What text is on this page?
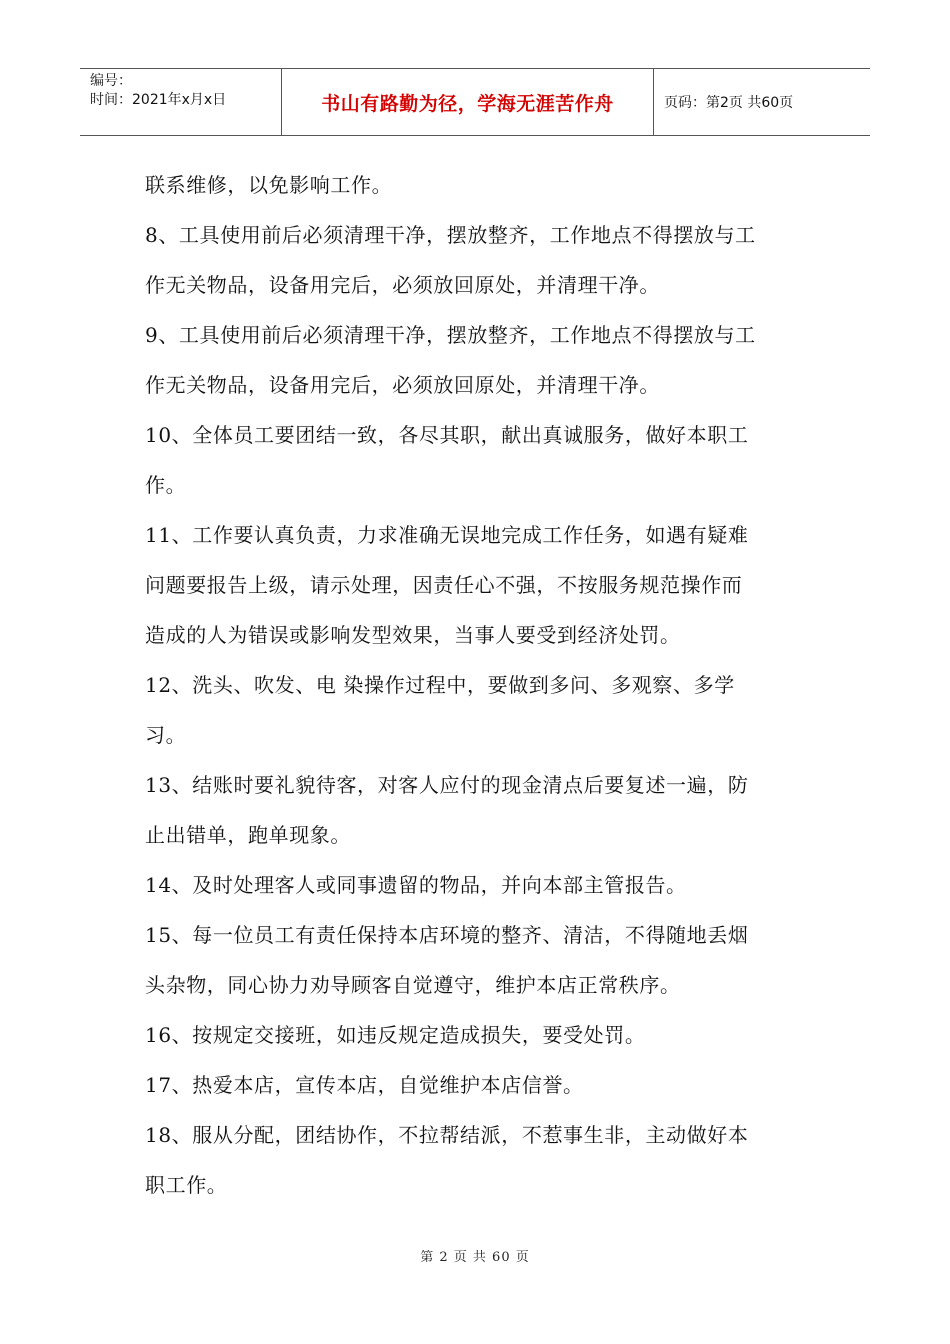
编号：
时间：2021年x月x日	书山有路勤为径，学海无涯苦作舟	页码：第2页 共60页
联系维修，以免影响工作。
8、工具使用前后必须清理干净，摆放整齐，工作地点不得摆放与工
作无关物品，设备用完后，必须放回原处，并清理干净。
9、工具使用前后必须清理干净，摆放整齐，工作地点不得摆放与工
作无关物品，设备用完后，必须放回原处，并清理干净。
10、全体员工要团结一致，各尽其职，献出真诚服务，做好本职工
作。
11、工作要认真负责，力求准确无误地完成工作任务，如遇有疑难
问题要报告上级，请示处理，因责任心不强，不按服务规范操作而
造成的人为错误或影响发型效果，当事人要受到经济处罚。
12、洗头、吹发、电 染操作过程中，要做到多问、多观察、多学
习。
13、结账时要礼貌待客，对客人应付的现金清点后要复述一遍，防
止出错单，跑单现象。
14、及时处理客人或同事遗留的物品，并向本部主管报告。
15、每一位员工有责任保持本店环境的整齐、清洁，不得随地丢烟
头杂物，同心协力劝导顾客自觉遵守，维护本店正常秩序。
16、按规定交接班，如违反规定造成损失，要受处罚。
17、热爱本店，宣传本店，自觉维护本店信誉。
18、服从分配，团结协作，不拉帮结派，不惹事生非，主动做好本
职工作。
第 2 页 共 60 页
